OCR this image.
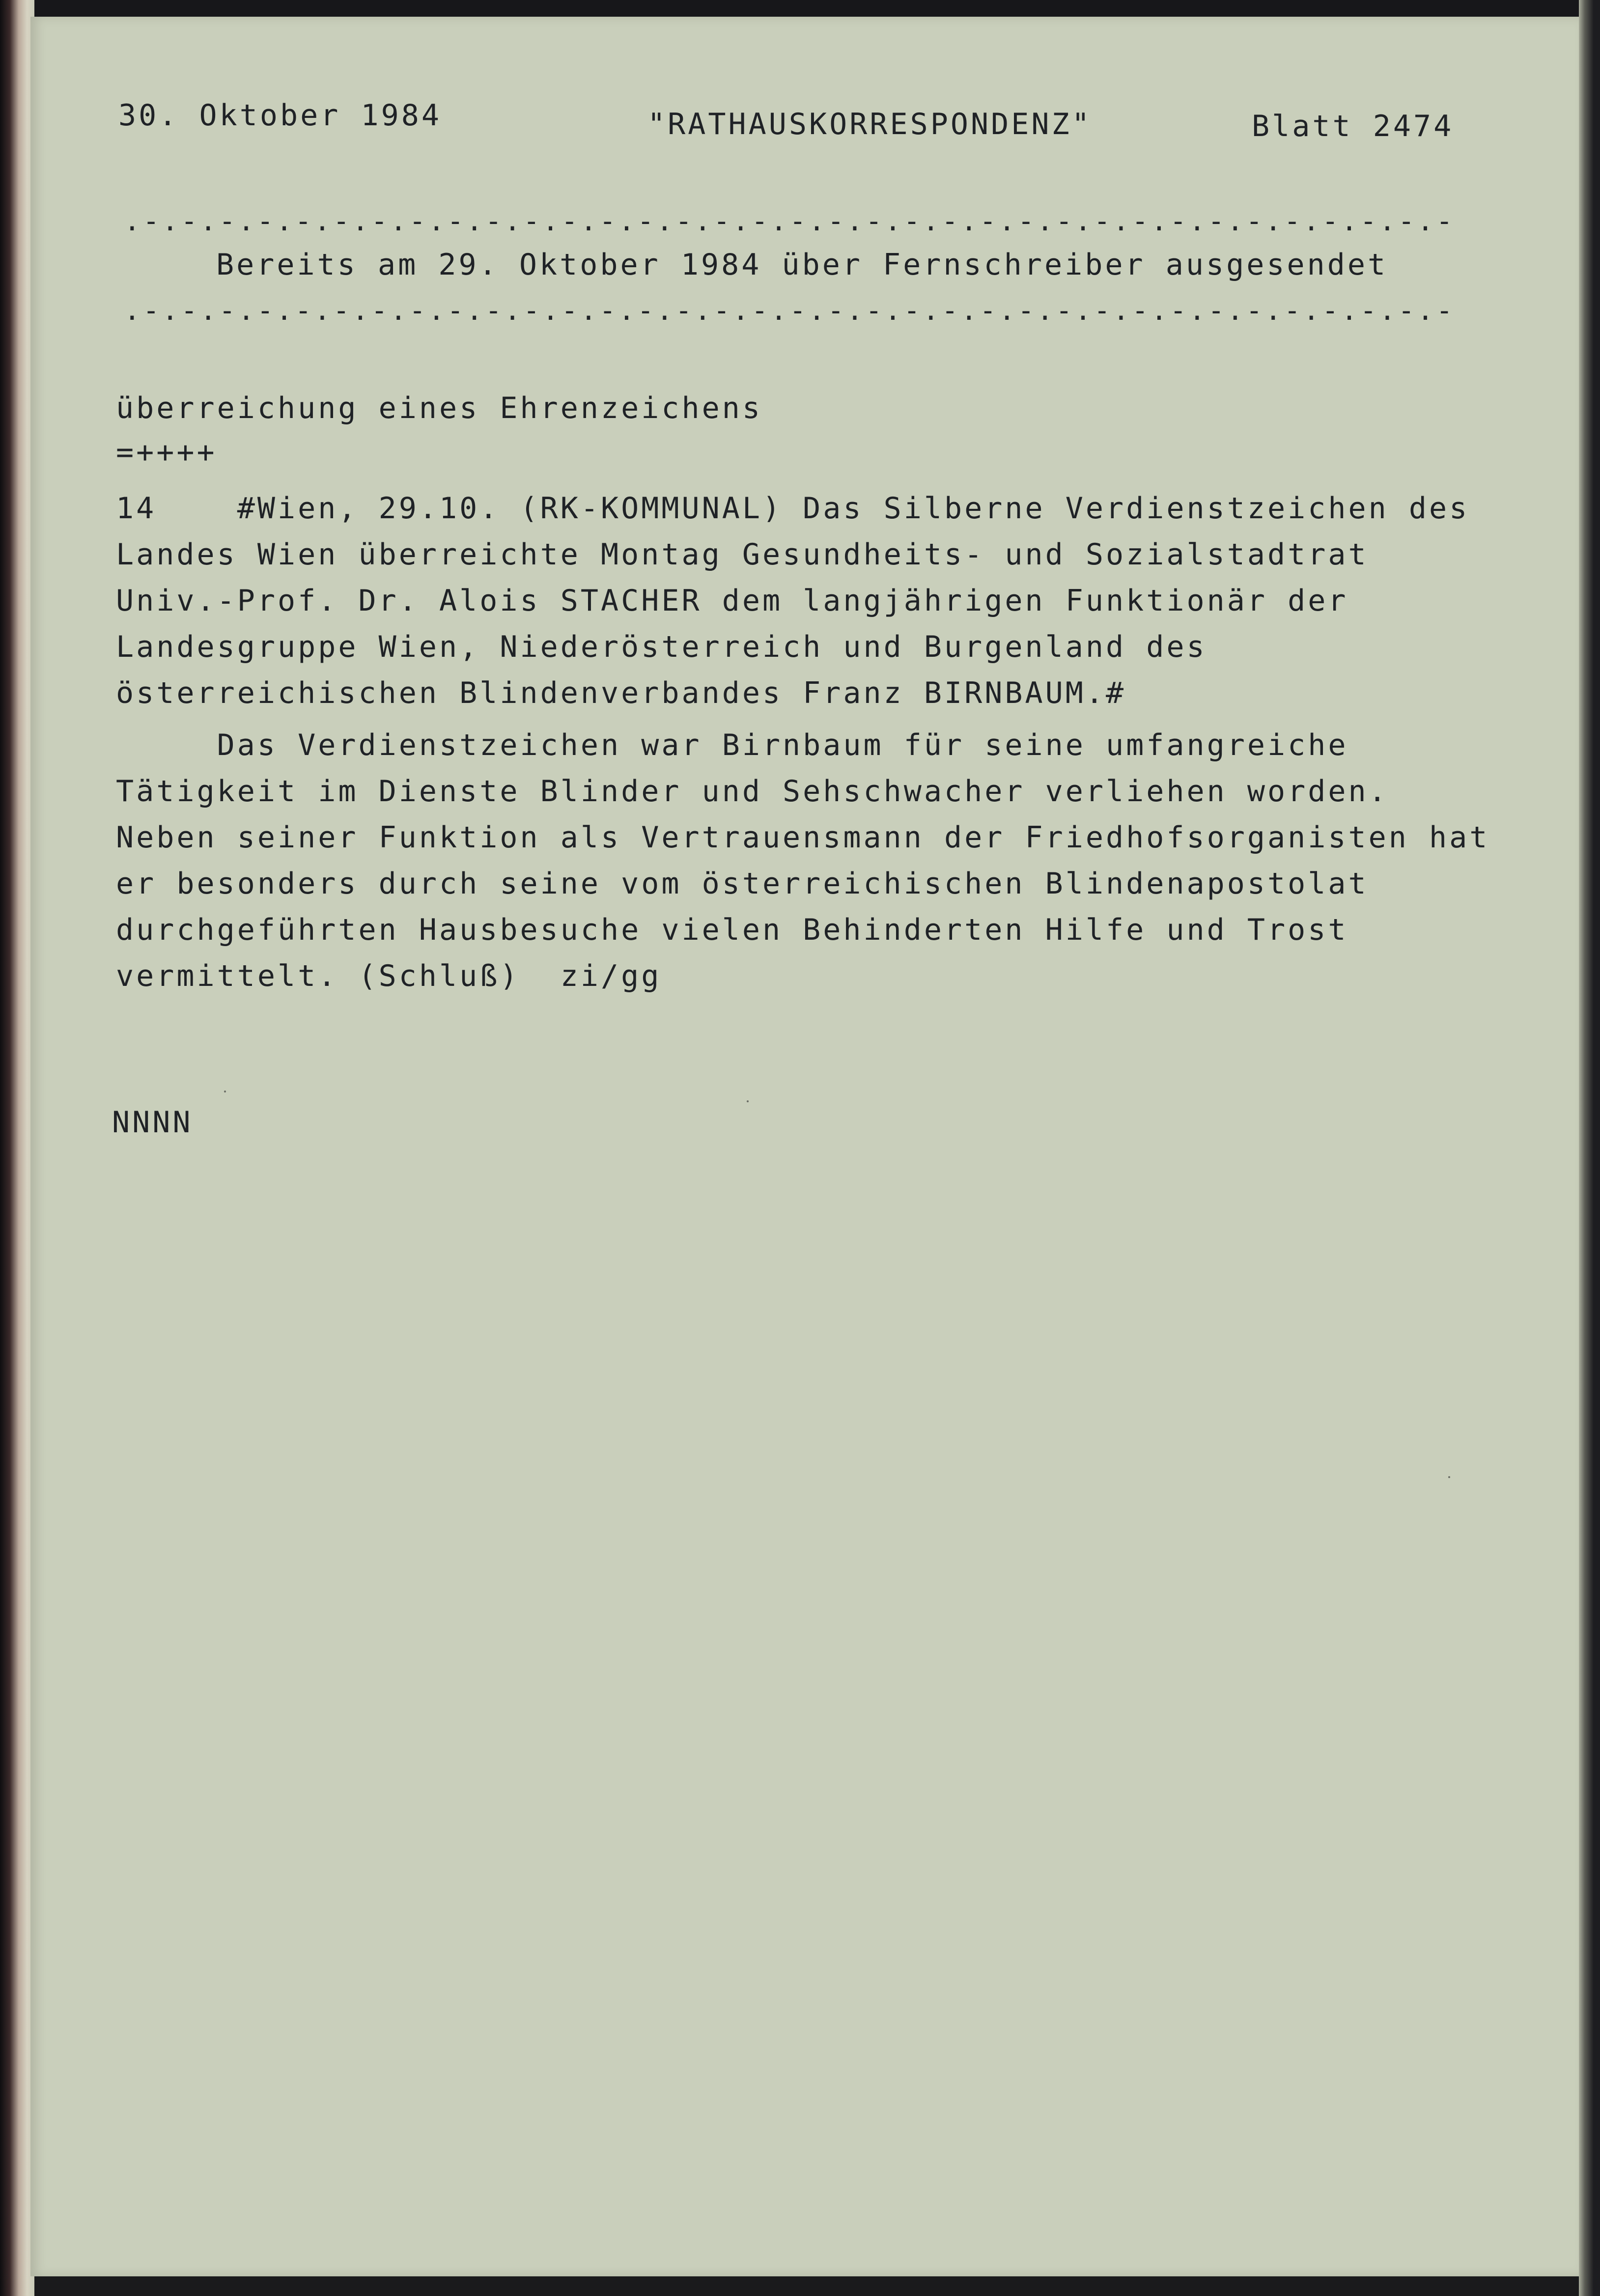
30. Oktober 1984	"RATHAUSKORRESPONDENZ"	Blatt 2474

.-.-.-.-.-.-.-.-.-.-.-.-.-.-.-.-.-.-.-.-.-.-.-.-.-.-.-.-.-.-.-.-.-.-.-

Bereits am 29. Oktober 1984 über Fernschreiber ausgesendet

.-.-.-.-.-.-.-.-.-.-.-.-.-.-.-.-.-.-.-.-.-.-.-.-.-.-.-.-.-.-.-.-.-.-.-

überreichung eines Ehrenzeichens

=++++

14    #Wien, 29.10. (RK-KOMMUNAL) Das Silberne Verdienstzeichen des

Landes Wien überreichte Montag Gesundheits- und Sozialstadtrat

Univ.-Prof. Dr. Alois STACHER dem langjährigen Funktionär der

Landesgruppe Wien, Niederösterreich und Burgenland des

österreichischen Blindenverbandes Franz BIRNBAUM.#

Das Verdienstzeichen war Birnbaum für seine umfangreiche

Tätigkeit im Dienste Blinder und Sehschwacher verliehen worden.

Neben seiner Funktion als Vertrauensmann der Friedhofsorganisten hat

er besonders durch seine vom österreichischen Blindenapostolat

durchgeführten Hausbesuche vielen Behinderten Hilfe und Trost

vermittelt. (Schluß)  zi/gg

NNNN
